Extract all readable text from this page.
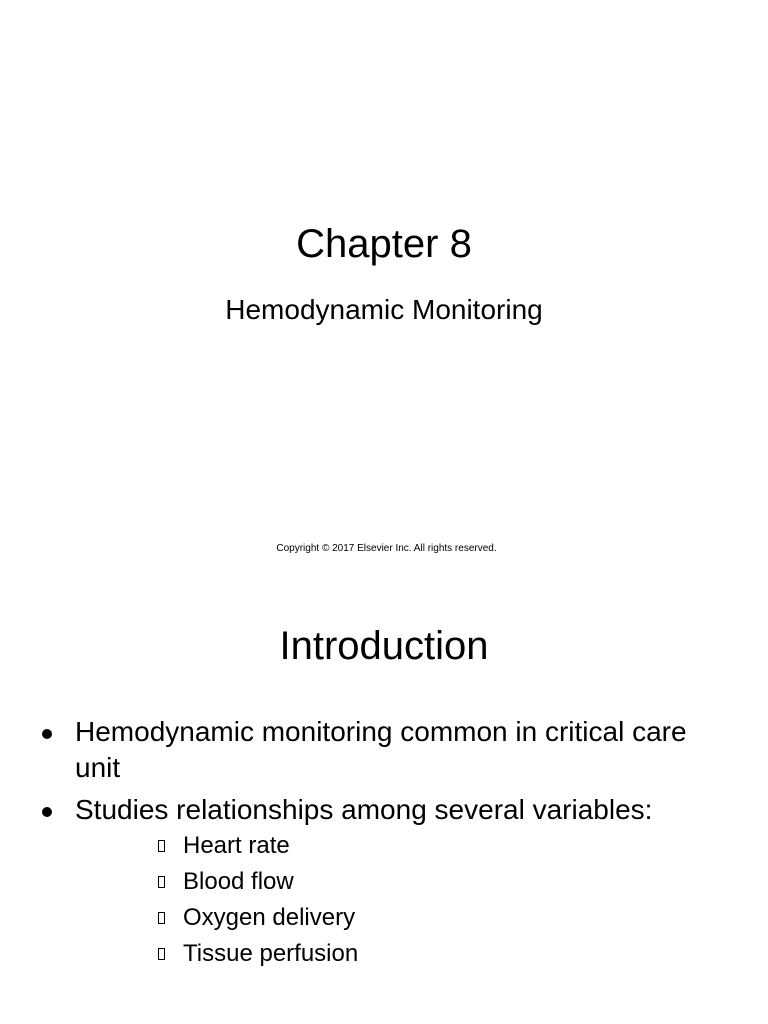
Chapter 8
Hemodynamic Monitoring
Copyright © 2017 Elsevier Inc. All rights reserved.
Introduction
Hemodynamic monitoring common in critical care unit
Studies relationships among several variables:
Heart rate
Blood flow
Oxygen delivery
Tissue perfusion
